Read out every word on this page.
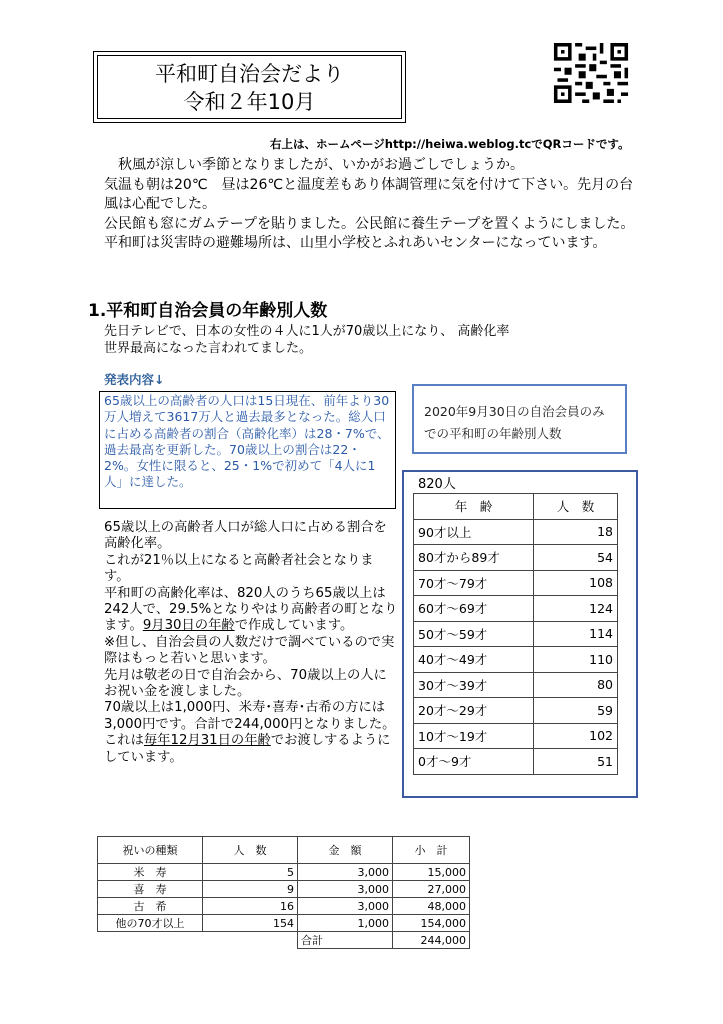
平和町自治会だより
令和２年10月
右上は、ホームページhttp://heiwa.weblog.tcでQRコードです。

　秋風が涼しい季節となりましたが、いかがお過ごしでしょうか。

気温も朝は20℃　昼は26℃と温度差もあり体調管理に気を付けて下さい。先月の台風は心配でした。

公民館も窓にガムテープを貼りました。公民館に養生テープを置くようにしました。

平和町は災害時の避難場所は、山里小学校とふれあいセンターになっています。

1.平和町自治会員の年齢別人数

先日テレビで、日本の女性の４人に1人が70歳以上になり、 高齢化率

世界最高になった言われてました。

発表内容↓
65歳以上の高齢者の人口は15日現在、前年より30万人増えて3617万人と過去最多となった。総人口に占める高齢者の割合（高齢化率）は28・7%で、過去最高を更新した。70歳以上の割合は22・2%。女性に限ると、25・1%で初めて「4人に1人」に達した。
2020年9月30日の自治会員のみでの平和町の年齢別人数

65歳以上の高齢者人口が総人口に占める割合を高齢化率。

これが21％以上になると高齢者社会となります。

平和町の高齢化率は、820人のうち65歳以上は242人で、29.5%となりやはり高齢者の町となります。9月30日の年齢で作成しています。

※但し、自治会員の人数だけで調べているので実際はもっと若いと思います。

先月は敬老の日で自治会から、70歳以上の人にお祝い金を渡しました。

70歳以上は1,000円、米寿･喜寿･古希の方には3,000円です。合計で244,000円となりました。

これは毎年12月31日の年齢でお渡しするようにしています。

820人
年　齢	人　数
90才以上	18
80才から89才	54
70才～79才	108
60才～69才	124
50才～59才	114
40才～49才	110
30才～39才	80
20才～29才	59
10才～19才	102
0才～9才	51
祝いの種類	人　数	金　額	小　計
米　寿	5	3,000	15,000
喜　寿	9	3,000	27,000
古　希	16	3,000	48,000
他の70才以上	154	1,000	154,000
		合計	244,000
